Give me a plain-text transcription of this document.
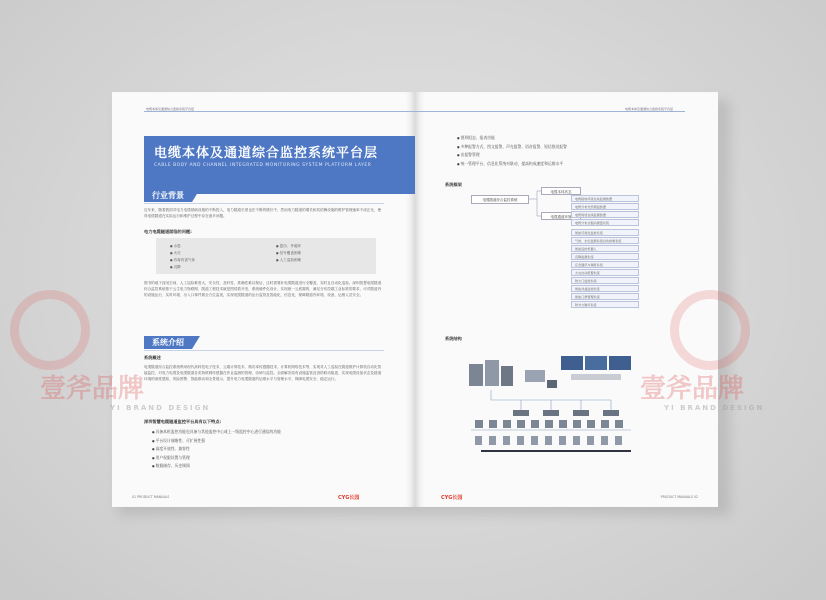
电缆本体及通道综合监控系统平台层
电缆本体及通道综合监控系统平台层
CABLE BODY AND CHANNEL INTEGRATED MONITORING SYSTEM PLATFORM LAYER
行业背景
近年来，随着我国对电力电缆基础设施的不断投入，电力隧道长度也在不断的增长中，然而电力隧道的增长和其依赖设施的维护管理速率不成正比，使得电缆隧道在实际运行和维护过程中存在诸多问题。
电力电缆隧道面临的问题:
● 水患
● 火灾
● 有毒有害气体
● 沉降
● 盗窃、外破坏
● 信号覆盖困难
● 人工巡检困难
图书的地下封闭空间，人工巡检难度大，安全性、及时性、准确性难以保证，这时需要针电缆隧道进行全覆盖，实时且自动化巡检。深圳智慧电缆隧道综合监控系统基于云生电力物联网、隧道工程技术就是围绕着开发，系统硬件化设计，实现统一云底端的，满足分布控端工业标准的要求，可对隧道内的设施运行、实时环境、出入口事件做全方位监视，实现电缆隧道的运行监管及智能化、信息化、保障隧道内环境、设备、运维人员安全。
电缆本体及通道综合监控系统平台层
● 图形组态、报表功能
● 多种报警方式，图文报警、声光报警、语音报警、短信推送报警
● 出报警管理
● 统一管理平台，信息化系统对联动，提高构成速度和运维水平
系统框架
电缆隧道综合监控系统
电缆本体状态
电缆通道环境
电缆接地环流在线监测装置
电缆分布光纤测温装置
电缆局放在线监测装置
电缆分布式振动测量系统
智能可视化监控系统
气体、水位监测系统自动控制系统
智能巡检机器人
沉降监测系统
应急通讯与调度系统
火灾自动报警系统
防火门监控系统
智能井盖监控系统
智能门禁管理系统
系统介绍
系统概述
电缆隧道综合监控系统利用现代高科技电子技术、云端计算技术、微功率传感器技术、计算机网络技术等，实现对人工巡检在隧道维护计算机自动化智能监控，对电力电缆及电缆隧道各类物联网传感器在作业监测的管理、协调与监控。全面解决原有设施监管及消防联动隐患，实现电缆设备状态及隧道环境的深度感知、风险预警、智能联动和全景展示，提升电力电缆隧道的运维水平与管理水平，保障电缆安全、稳定运行。
深圳智慧电缆隧道监控平台具有以下特点:
● 具备本机监控功能也具备与其他监控中心或上一级监控中心进行通信的功能
● 平台设计前瞻性、可扩展性强
● 高度开放性、兼容性
● 用户权限设置与管理
● 数据储存、历史调阅
01 PRODUCT MANUALS	CYG长园
防外力破坏系统
系统结构
CYG长园	PRODUCT MANUALS 02
壹斧品牌	壹斧品牌
YI BRAND DESIGN	YI BRAND DESIGN
